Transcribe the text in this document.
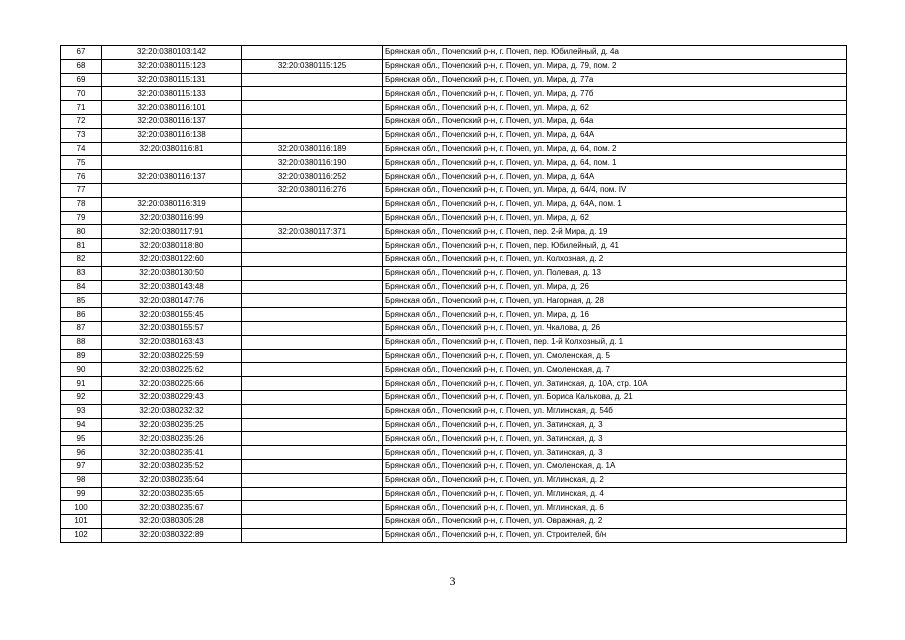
67	32:20:0380103:142		Брянская обл., Почепский р-н, г. Почеп, пер. Юбилейный, д. 4а
68	32:20:0380115:123	32:20:0380115:125	Брянская обл., Почепский р-н, г. Почеп, ул. Мира, д. 79, пом. 2
69	32:20:0380115:131		Брянская обл., Почепский р-н, г. Почеп, ул. Мира, д. 77а
70	32:20:0380115:133		Брянская обл., Почепский р-н, г. Почеп, ул. Мира, д. 77б
71	32:20:0380116:101		Брянская обл., Почепский р-н, г. Почеп, ул. Мира, д. 62
72	32:20:0380116:137		Брянская обл., Почепский р-н, г. Почеп, ул. Мира, д. 64а
73	32:20:0380116:138		Брянская обл., Почепский р-н, г. Почеп, ул. Мира, д. 64А
74	32:20:0380116:81	32:20:0380116:189	Брянская обл., Почепский р-н, г. Почеп, ул. Мира, д. 64, пом. 2
75		32:20:0380116:190	Брянская обл., Почепский р-н, г. Почеп, ул. Мира, д. 64, пом. 1
76	32:20:0380116:137	32:20:0380116:252	Брянская обл., Почепский р-н, г. Почеп, ул. Мира, д. 64А
77		32:20:0380116:276	Брянская обл., Почепский р-н, г. Почеп, ул. Мира, д. 64/4, пом. IV
78	32:20:0380116:319		Брянская обл., Почепский р-н, г. Почеп, ул. Мира, д. 64А, пом. 1
79	32:20:0380116:99		Брянская обл., Почепский р-н, г. Почеп, ул. Мира, д. 62
80	32:20:0380117:91	32:20:0380117:371	Брянская обл., Почепский р-н, г. Почеп, пер. 2-й Мира, д. 19
81	32:20:0380118:80		Брянская обл., Почепский р-н, г. Почеп, пер. Юбилейный, д. 41
82	32:20:0380122:60		Брянская обл., Почепский р-н, г. Почеп, ул. Колхозная, д. 2
83	32:20:0380130:50		Брянская обл., Почепский р-н, г. Почеп, ул. Полевая, д. 13
84	32:20:0380143:48		Брянская обл., Почепский р-н, г. Почеп, ул. Мира, д. 26
85	32:20:0380147:76		Брянская обл., Почепский р-н, г. Почеп, ул. Нагорная, д. 28
86	32:20:0380155:45		Брянская обл., Почепский р-н, г. Почеп, ул. Мира, д. 16
87	32:20:0380155:57		Брянская обл., Почепский р-н, г. Почеп, ул. Чкалова, д. 26
88	32:20:0380163:43		Брянская обл., Почепский р-н, г. Почеп, пер. 1-й Колхозный, д. 1
89	32:20:0380225:59		Брянская обл., Почепский р-н, г. Почеп, ул. Смоленская, д. 5
90	32:20:0380225:62		Брянская обл., Почепский р-н, г. Почеп, ул. Смоленская, д. 7
91	32:20:0380225:66		Брянская обл., Почепский р-н, г. Почеп, ул. Затинская, д. 10А, стр. 10А
92	32:20:0380229:43		Брянская обл., Почепский р-н, г. Почеп, ул. Бориса Калькова, д. 21
93	32:20:0380232:32		Брянская обл., Почепский р-н, г. Почеп, ул. Мглинская, д. 54б
94	32:20:0380235:25		Брянская обл., Почепский р-н, г. Почеп, ул. Затинская, д. 3
95	32:20:0380235:26		Брянская обл., Почепский р-н, г. Почеп, ул. Затинская, д. 3
96	32:20:0380235:41		Брянская обл., Почепский р-н, г. Почеп, ул. Затинская, д. 3
97	32:20:0380235:52		Брянская обл., Почепский р-н, г. Почеп, ул. Смоленская, д. 1А
98	32:20:0380235:64		Брянская обл., Почепский р-н, г. Почеп, ул. Мглинская, д. 2
99	32:20:0380235:65		Брянская обл., Почепский р-н, г. Почеп, ул. Мглинская, д. 4
100	32:20:0380235:67		Брянская обл., Почепский р-н, г. Почеп, ул. Мглинская, д. 6
101	32:20:0380305:28		Брянская обл., Почепский р-н, г. Почеп, ул. Овражная, д. 2
102	32:20:0380322:89		Брянская обл., Почепский р-н, г. Почеп, ул. Строителей, б/н
3
